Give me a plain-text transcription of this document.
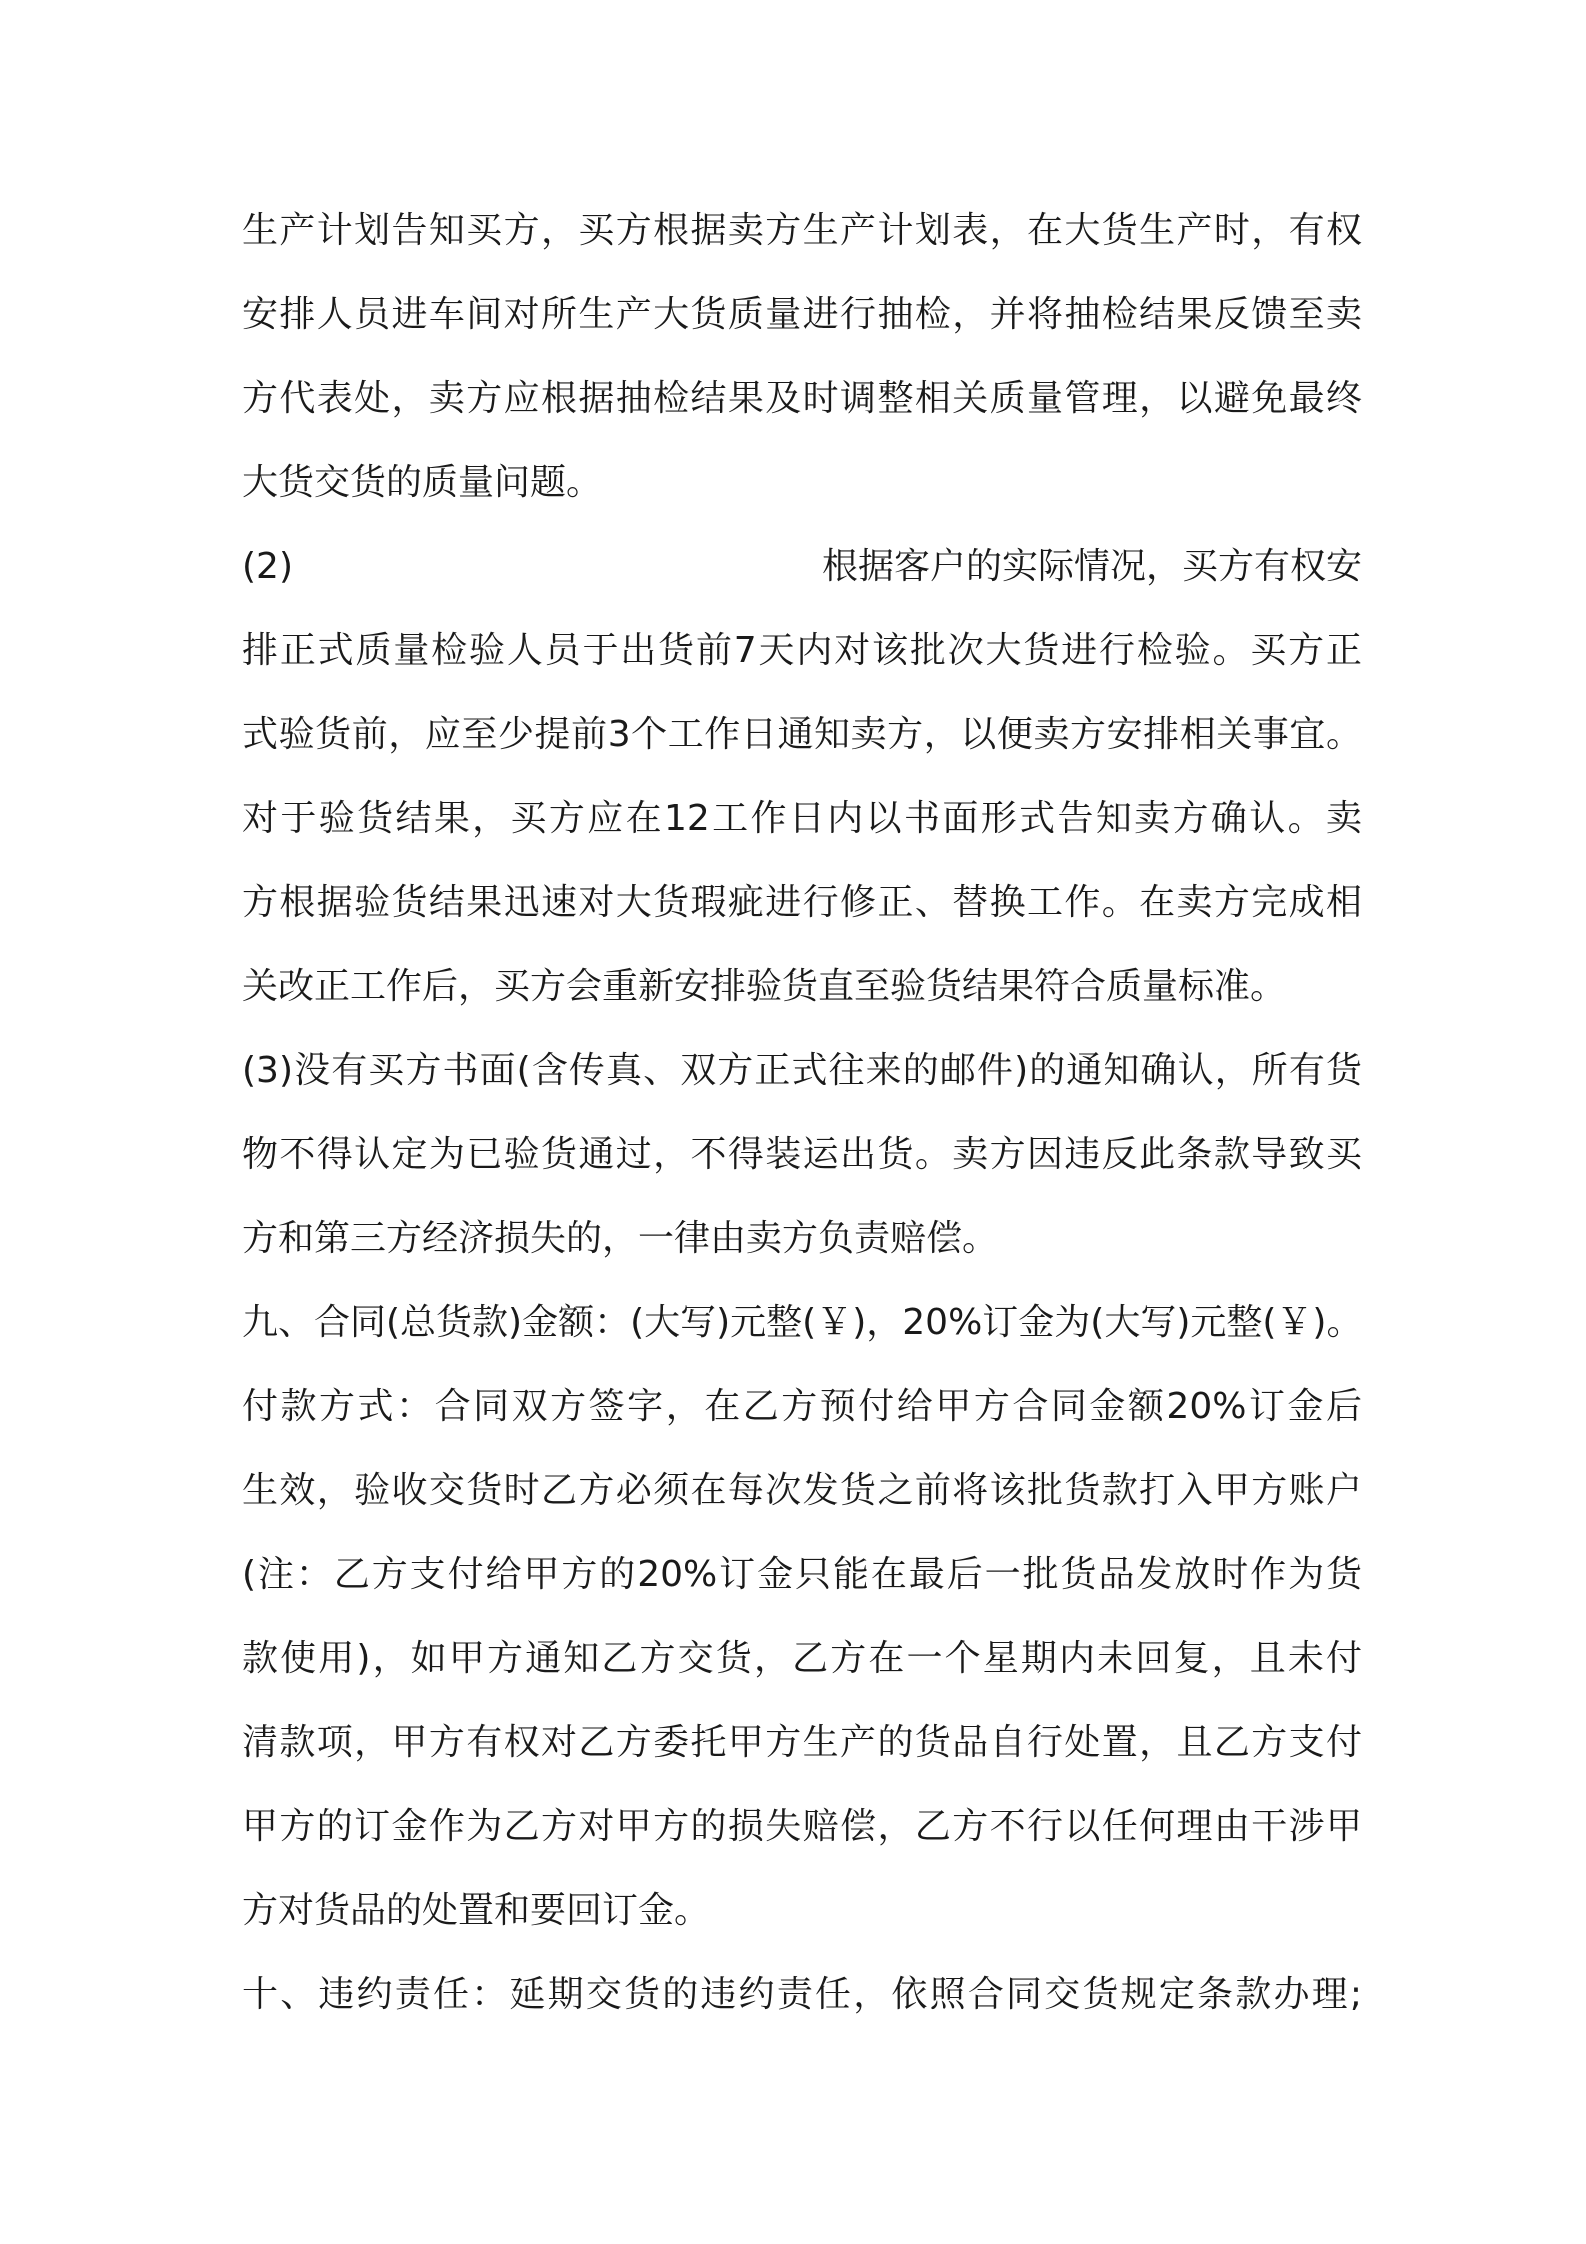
生产计划告知买方，买方根据卖方生产计划表，在大货生产时，有权
安排人员进车间对所生产大货质量进行抽检，并将抽检结果反馈至卖
方代表处，卖方应根据抽检结果及时调整相关质量管理，以避免最终
大货交货的质量问题。
(2)	根据客户的实际情况，买方有权安
排正式质量检验人员于出货前7天内对该批次大货进行检验。买方正
式验货前，应至少提前3个工作日通知卖方，以便卖方安排相关事宜。
对于验货结果，买方应在12工作日内以书面形式告知卖方确认。卖
方根据验货结果迅速对大货瑕疵进行修正、替换工作。在卖方完成相
关改正工作后，买方会重新安排验货直至验货结果符合质量标准。
(3)没有买方书面(含传真、双方正式往来的邮件)的通知确认，所有货
物不得认定为已验货通过，不得装运出货。卖方因违反此条款导致买
方和第三方经济损失的，一律由卖方负责赔偿。
九、合同(总货款)金额：(大写)元整(￥)，20%订金为(大写)元整(￥)。
付款方式：合同双方签字，在乙方预付给甲方合同金额20%订金后
生效，验收交货时乙方必须在每次发货之前将该批货款打入甲方账户
(注：乙方支付给甲方的20%订金只能在最后一批货品发放时作为货
款使用)，如甲方通知乙方交货，乙方在一个星期内未回复，且未付
清款项，甲方有权对乙方委托甲方生产的货品自行处置，且乙方支付
甲方的订金作为乙方对甲方的损失赔偿，乙方不行以任何理由干涉甲
方对货品的处置和要回订金。
十、违约责任：延期交货的违约责任，依照合同交货规定条款办理;
